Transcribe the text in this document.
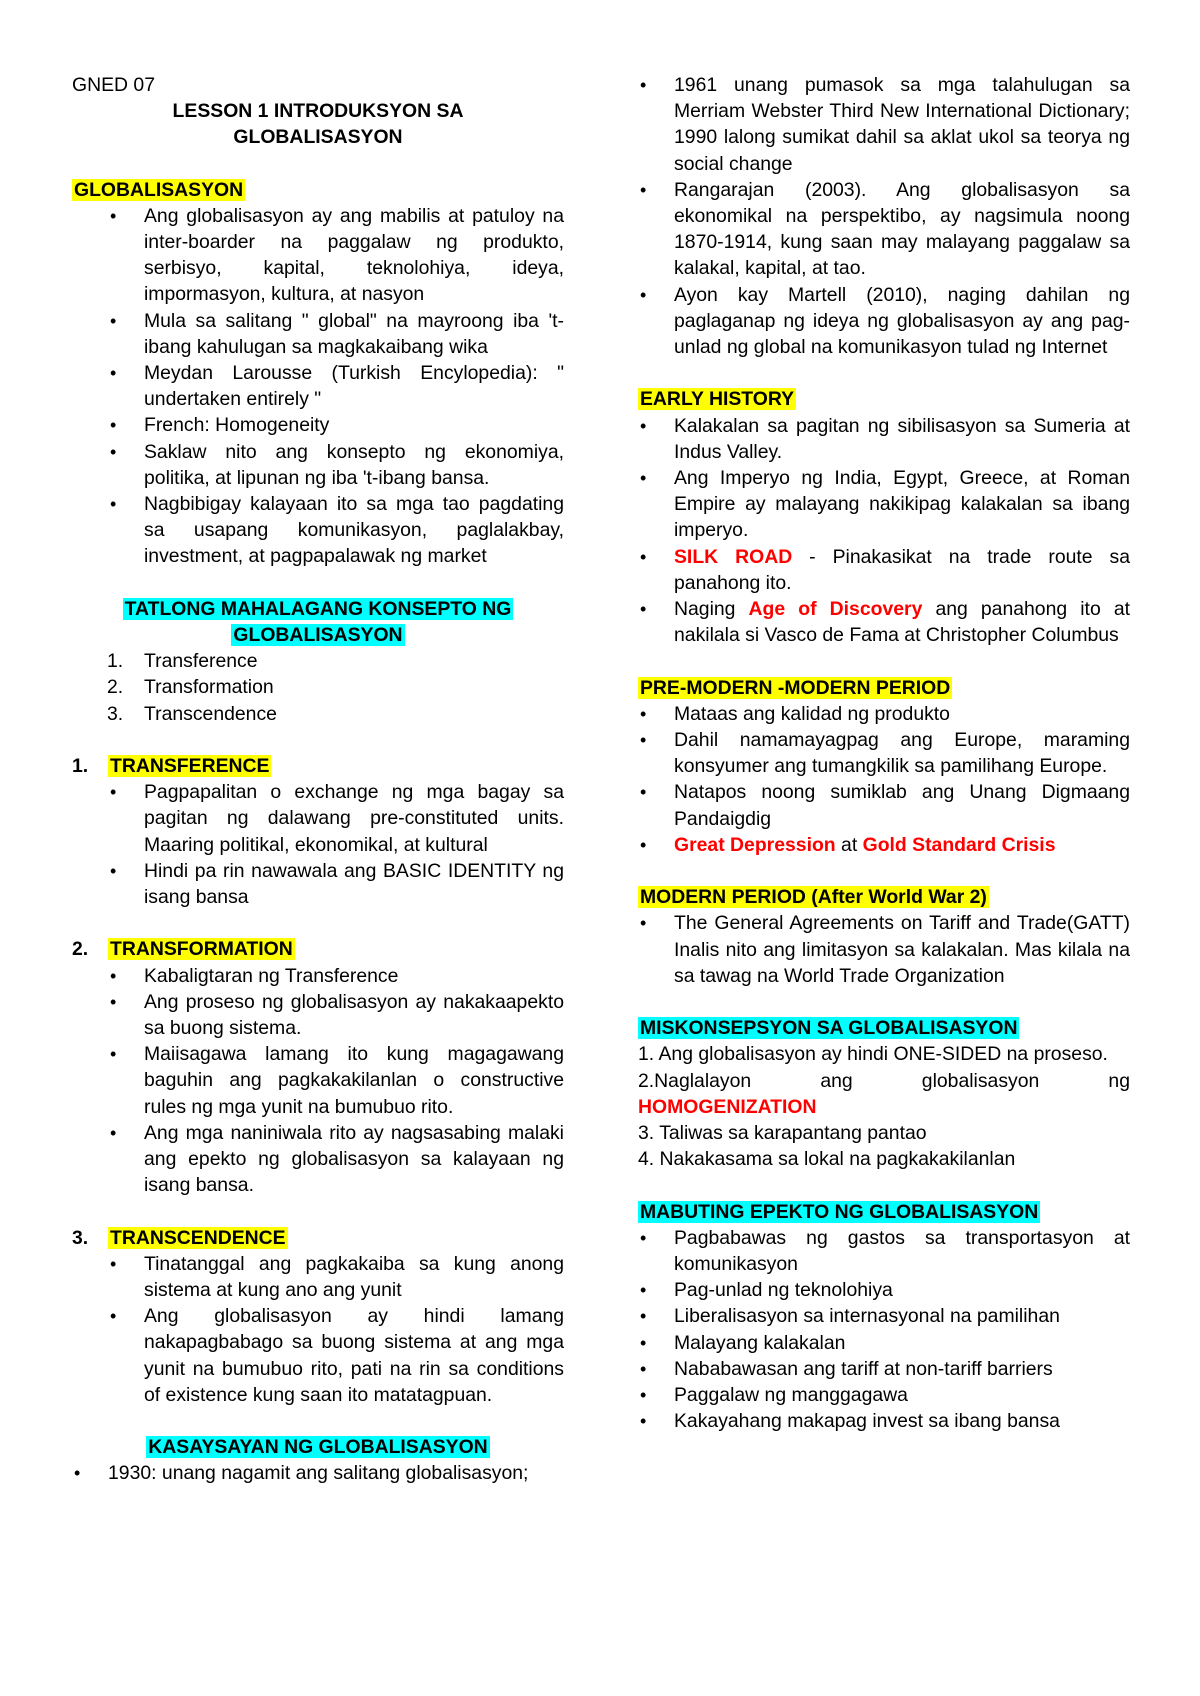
GNED 07

LESSON 1 INTRODUKSYON SA
GLOBALISASYON

GLOBALISASYON

• Ang globalisasyon ay ang mabilis at patuloy na inter-boarder na paggalaw ng produkto, serbisyo, kapital, teknolohiya, ideya, impormasyon, kultura, at nasyon
• Mula sa salitang " global" na mayroong iba 't-ibang kahulugan sa magkakaibang wika
• Meydan Larousse (Turkish Encylopedia): " undertaken entirely "
• French: Homogeneity
• Saklaw nito ang konsepto ng ekonomiya, politika, at lipunan ng iba 't-ibang bansa.
• Nagbibigay kalayaan ito sa mga tao pagdating sa usapang komunikasyon, paglalakbay, investment, at pagpapalawak ng market

TATLONG MAHALAGANG KONSEPTO NG
GLOBALISASYON

1. Transference
2. Transformation
3. Transcendence

1. TRANSFERENCE

• Pagpapalitan o exchange ng mga bagay sa pagitan ng dalawang pre-constituted units. Maaring politikal, ekonomikal, at kultural
• Hindi pa rin nawawala ang BASIC IDENTITY ng isang bansa

2. TRANSFORMATION

• Kabaligtaran ng Transference
• Ang proseso ng globalisasyon ay nakakaapekto sa buong sistema.
• Maiisagawa lamang ito kung magagawang baguhin ang pagkakakilanlan o constructive rules ng mga yunit na bumubuo rito.
• Ang mga naniniwala rito ay nagsasabing malaki ang epekto ng globalisasyon sa kalayaan ng isang bansa.

3. TRANSCENDENCE

• Tinatanggal ang pagkakaiba sa kung anong sistema at kung ano ang yunit
• Ang globalisasyon ay hindi lamang nakapagbabago sa buong sistema at ang mga yunit na bumubuo rito, pati na rin sa conditions of existence kung saan ito matatagpuan.

KASAYSAYAN NG GLOBALISASYON

• 1930: unang nagamit ang salitang globalisasyon;
• 1961 unang pumasok sa mga talahulugan sa Merriam Webster Third New International Dictionary; 1990 lalong sumikat dahil sa aklat ukol sa teorya ng social change
• Rangarajan (2003). Ang globalisasyon sa ekonomikal na perspektibo, ay nagsimula noong 1870-1914, kung saan may malayang paggalaw sa kalakal, kapital, at tao.
• Ayon kay Martell (2010), naging dahilan ng paglaganap ng ideya ng globalisasyon ay ang pag-unlad ng global na komunikasyon tulad ng Internet

EARLY HISTORY

• Kalakalan sa pagitan ng sibilisasyon sa Sumeria at Indus Valley.
• Ang Imperyo ng India, Egypt, Greece, at Roman Empire ay malayang nakikipag kalakalan sa ibang imperyo.
• SILK ROAD - Pinakasikat na trade route sa panahong ito.
• Naging Age of Discovery ang panahong ito at nakilala si Vasco de Fama at Christopher Columbus

PRE-MODERN -MODERN PERIOD

• Mataas ang kalidad ng produkto
• Dahil namamayagpag ang Europe, maraming konsyumer ang tumangkilik sa pamilihang Europe.
• Natapos noong sumiklab ang Unang Digmaang Pandaigdig
• Great Depression at Gold Standard Crisis

MODERN PERIOD (After World War 2)

• The General Agreements on Tariff and Trade(GATT) Inalis nito ang limitasyon sa kalakalan. Mas kilala na sa tawag na World Trade Organization

MISKONSEPSYON SA GLOBALISASYON

1. Ang globalisasyon ay hindi ONE-SIDED na proseso.

2.Naglalayon ang globalisasyon ng

HOMOGENIZATION

3. Taliwas sa karapantang pantao

4. Nakakasama sa lokal na pagkakakilanlan

MABUTING EPEKTO NG GLOBALISASYON

• Pagbabawas ng gastos sa transportasyon at komunikasyon
• Pag-unlad ng teknolohiya
• Liberalisasyon sa internasyonal na pamilihan
• Malayang kalakalan
• Nababawasan ang tariff at non-tariff barriers
• Paggalaw ng manggagawa
• Kakayahang makapag invest sa ibang bansa
